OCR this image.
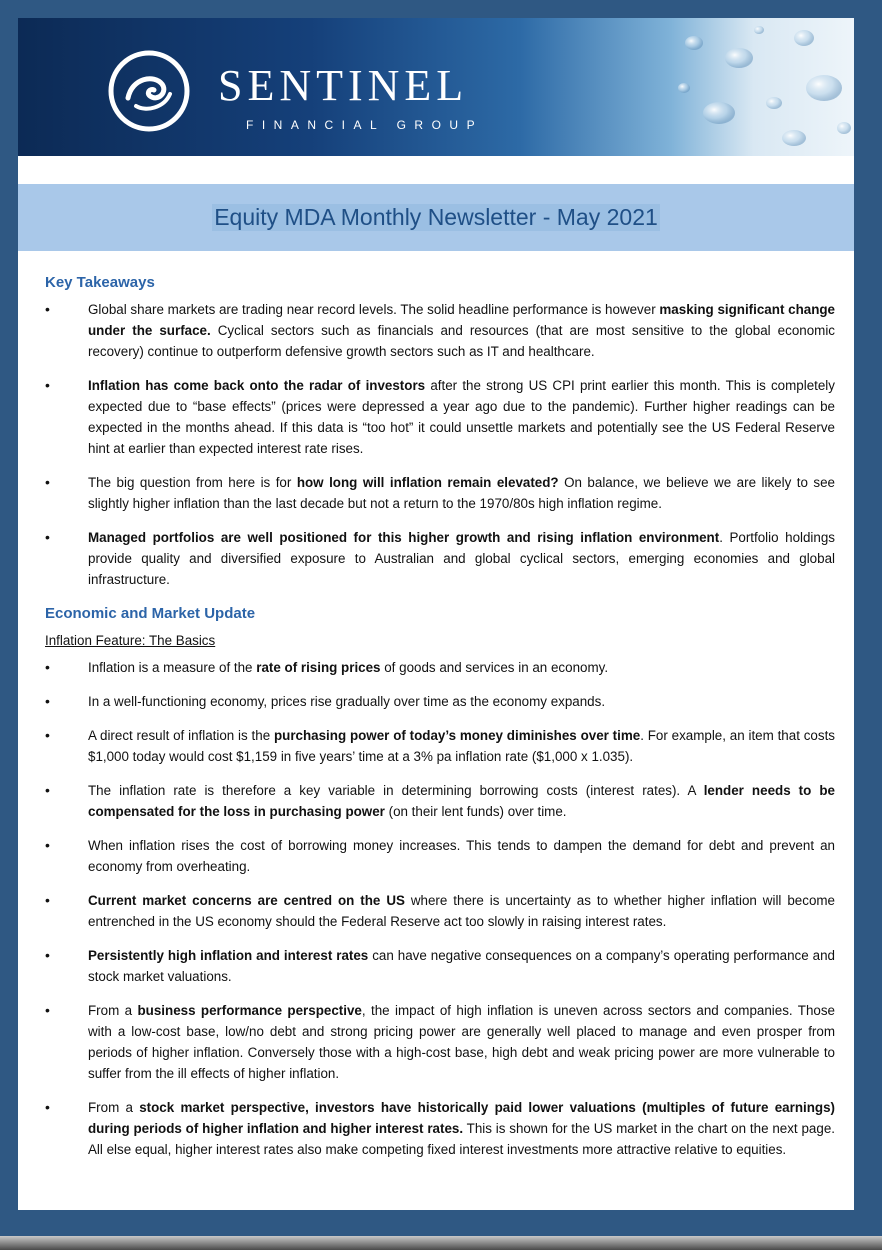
SENTINEL
FINANCIAL GROUP
Equity MDA Monthly Newsletter - May 2021
Key Takeaways
• Global share markets are trading near record levels. The solid headline performance is however masking significant change under the surface. Cyclical sectors such as financials and resources (that are most sensitive to the global economic recovery) continue to outperform defensive growth sectors such as IT and healthcare.
• Inflation has come back onto the radar of investors after the strong US CPI print earlier this month. This is completely expected due to “base effects” (prices were depressed a year ago due to the pandemic). Further higher readings can be expected in the months ahead. If this data is “too hot” it could unsettle markets and potentially see the US Federal Reserve hint at earlier than expected interest rate rises.
• The big question from here is for how long will inflation remain elevated? On balance, we believe we are likely to see slightly higher inflation than the last decade but not a return to the 1970/80s high inflation regime.
• Managed portfolios are well positioned for this higher growth and rising inflation environment. Portfolio holdings provide quality and diversified exposure to Australian and global cyclical sectors, emerging economies and global infrastructure.
Economic and Market Update
Inflation Feature: The Basics
• Inflation is a measure of the rate of rising prices of goods and services in an economy.
• In a well-functioning economy, prices rise gradually over time as the economy expands.
• A direct result of inflation is the purchasing power of today’s money diminishes over time. For example, an item that costs $1,000 today would cost $1,159 in five years’ time at a 3% pa inflation rate ($1,000 x 1.035).
• The inflation rate is therefore a key variable in determining borrowing costs (interest rates). A lender needs to be compensated for the loss in purchasing power (on their lent funds) over time.
• When inflation rises the cost of borrowing money increases. This tends to dampen the demand for debt and prevent an economy from overheating.
• Current market concerns are centred on the US where there is uncertainty as to whether higher inflation will become entrenched in the US economy should the Federal Reserve act too slowly in raising interest rates.
• Persistently high inflation and interest rates can have negative consequences on a company’s operating performance and stock market valuations.
• From a business performance perspective, the impact of high inflation is uneven across sectors and companies. Those with a low-cost base, low/no debt and strong pricing power are generally well placed to manage and even prosper from periods of higher inflation. Conversely those with a high-cost base, high debt and weak pricing power are more vulnerable to suffer from the ill effects of higher inflation.
• From a stock market perspective, investors have historically paid lower valuations (multiples of future earnings) during periods of higher inflation and higher interest rates. This is shown for the US market in the chart on the next page. All else equal, higher interest rates also make competing fixed interest investments more attractive relative to equities.
